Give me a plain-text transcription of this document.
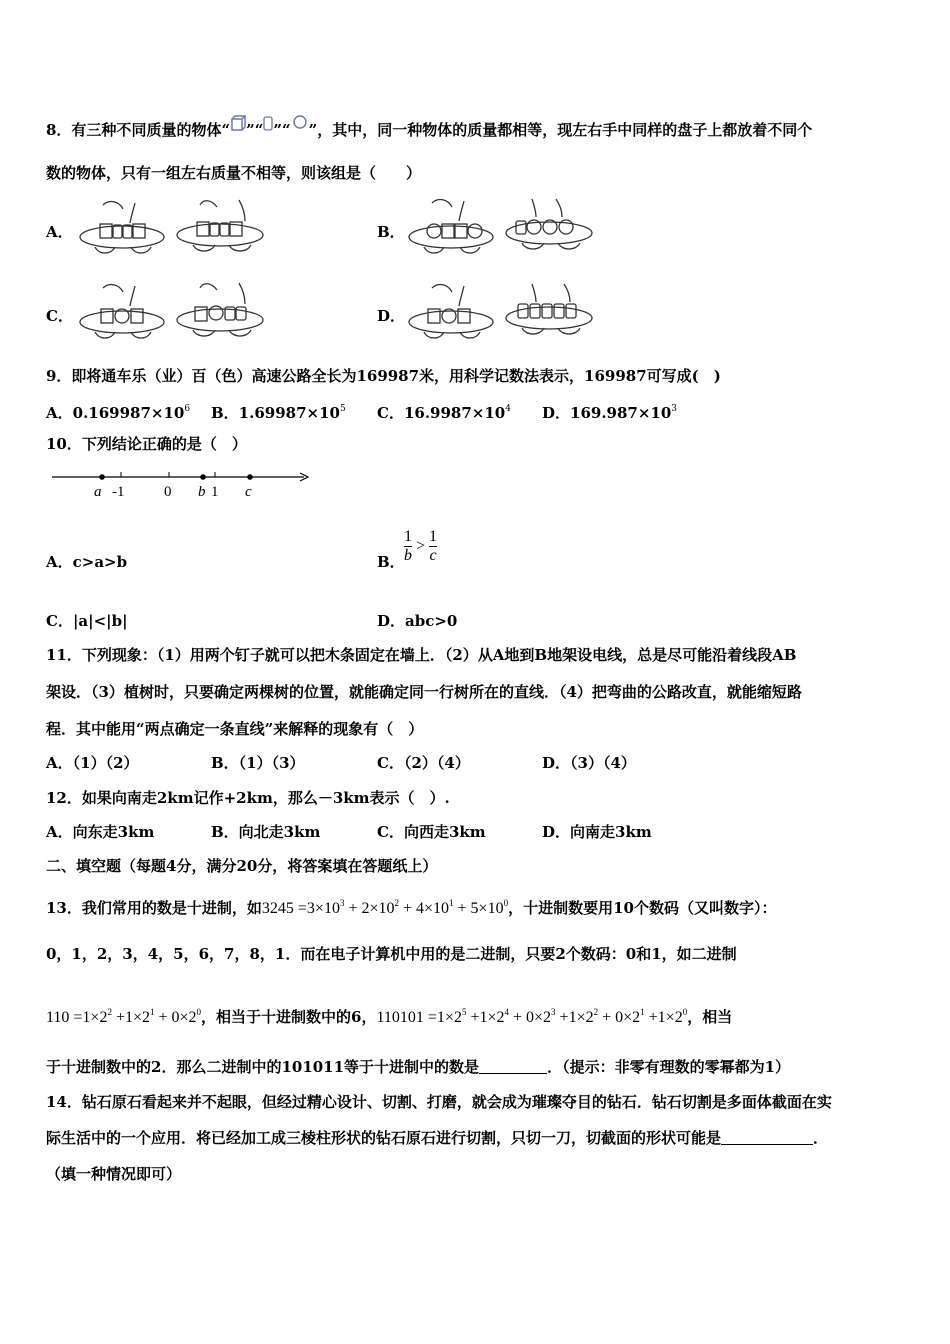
8．有三种不同质量的物体“ ”“ ”“ ”，其中，同一种物体的质量都相等，现左右手中同样的盘子上都放着不同个
数的物体，只有一组左右质量不相等，则该组是（　　）
A．	B．
C．	D．
9．即将通车乐（业）百（色）高速公路全长为169987米，用科学记数法表示，169987可写成(　)
A．$0.169987\times 10^6$ B．$1.69987\times 10^5$ C．$16.9987\times 10^4$ D．$169.987\times 10^3$
10．下列结论正确的是（　）
a -1	0 b 1 c
A．c>a>b	B． $\frac{1}{b} > \frac{1}{c}$
C．|a|<|b|	D．abc>0
11．下列现象：（1）用两个钉子就可以把木条固定在墙上．（2）从A地到B地架设电线，总是尽可能沿着线段AB
架设．（3）植树时，只要确定两棵树的位置，就能确定同一行树所在的直线．（4）把弯曲的公路改直，就能缩短路
程．其中能用“两点确定一条直线”来解释的现象有（　）
A．（1）（2）	B．（1）（3）	C．（2）（4）	D．（3）（4）
12．如果向南走2km记作+2km，那么－3km表示（　）.
A．向东走3km	B．向北走3km	C．向西走3km	D．向南走3km
二、填空题（每题4分，满分20分，将答案填在答题纸上）
13．我们常用的数是十进制，如$3245 =3\times 10^3 + 2\times 10^2 + 4\times 10^1 + 5\times 10^0$，十进制数要用10个数码（又叫数字）：
0，1，2，3，4，5，6，7，8，1．而在电子计算机中用的是二进制，只要2个数码：0和1，如二进制
$110 =1\times 2^2 +1\times 2^1 + 0\times 2^0$，相当于十进制数中的6，$110101 =1\times 2^5 +1\times 2^4 + 0\times 2^3 +1\times 2^2 + 0\times 2^1 +1\times 2^0$，相当
于十进制数中的2．那么二进制中的101011等于十进制中的数是	．（提示：非零有理数的零幂都为1）
14．钻石原石看起来并不起眼，但经过精心设计、切割、打磨，就会成为璀璨夺目的钻石．钻石切割是多面体截面在实
际生活中的一个应用．将已经加工成三棱柱形状的钻石原石进行切割，只切一刀，切截面的形状可能是	．
（填一种情况即可）
